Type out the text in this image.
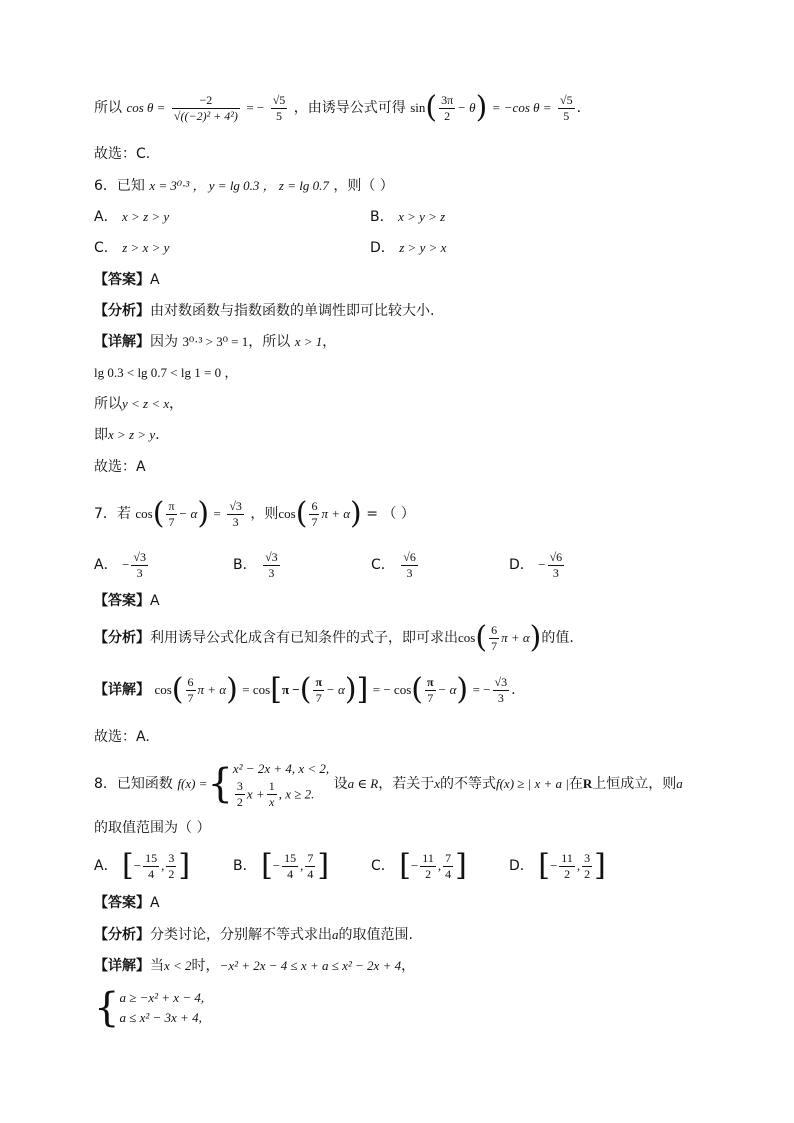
所以 $\cos \theta = \frac{-2}{\text{√((−2)² + 4²)}}$ = − $\frac{√5}{5}$ ，由诱导公式可得 $\sin( \frac{3\pi}{2} - \theta) = -\cos$ $\theta = \frac{√5}{5}$ .
故选：C.
6．已知 x = 3⁰·³ ， y = lg 0.3 ， z = lg 0.7 ，则（ ）
A． x > z > y	B． x > y > z
C． z > x > y	D． z > y > x
【答案】A
【分析】由对数函数与指数函数的单调性即可比较大小.
【详解】因为 3⁰·³ > 3⁰ = 1，所以 x > 1，
lg 0.3 < lg 0.7 < lg 1 = 0 ，
所以y < z < x，
即x > z > y.
故选：A
7．若 $\cos( \frac{\pi}{7} - \alpha) = \frac{√3}{3}$ ，则$\cos( \frac{6}{7}$ π + α) = （ ）
A． − $\frac{√3}{3}$	B． $\frac{√3}{3}$	C． $\frac{√6}{3}$	D． − $\frac{√6}{3}$
【答案】A
【分析】利用诱导公式化成含有已知条件的式子，即可求出$\cos( \frac{6}{7}$ π + α)的值.
【详解】 $\cos( \frac{6}{7}$ π + α) = cos[π −( $\frac{\pi}{7} - \alpha$)] = − $\cos( \frac{\pi}{7} - \alpha)$ = − $\frac{√3}{3}$ .
故选：A.
8．已知函数 f(x) ={ x² − 2x + 4, x < 2,
$\frac{3}{2}$ $x + \frac{1}{x}$ , x ≥ 2.
设a ∈ R，若关于x的不等式f(x) ≥ | x + a |在R上恒成立，则a
的取值范围为（ ）
A． [− $\frac{15}{4}$ , $\frac{3}{2}$ ]	B． [− $\frac{15}{4}$ , $\frac{7}{4}$ ]	C． [− $\frac{11}{2}$ , $\frac{7}{4}$ ]	D． [− $\frac{11}{2}$ , $\frac{3}{2}$ ]
【答案】A
【分析】分类讨论，分别解不等式求出a的取值范围.
【详解】当x < 2时，−x² + 2x − 4 ≤ x + a ≤ x² − 2x + 4，
{ a ≥ −x² + x − 4,
a ≤ x² − 3x + 4,
